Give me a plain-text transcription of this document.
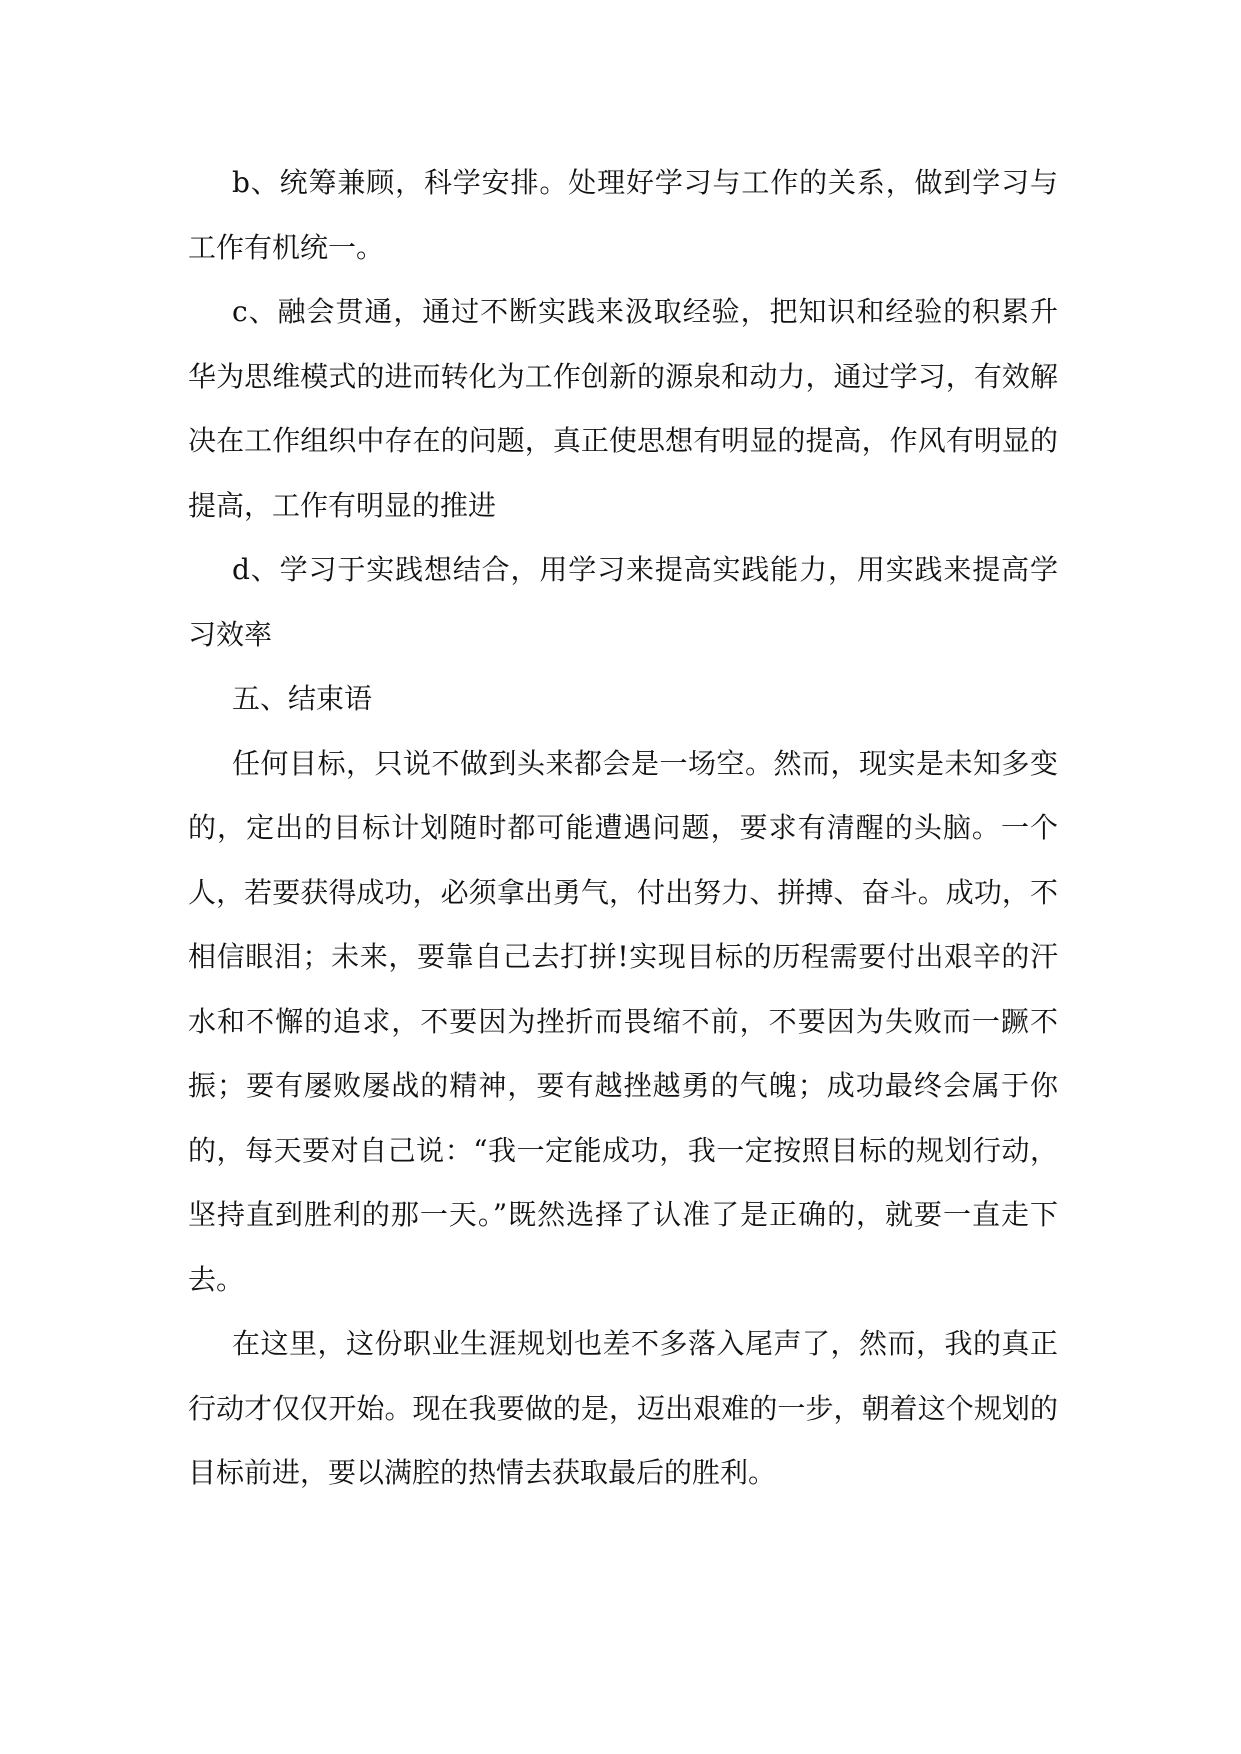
b、统筹兼顾，科学安排。处理好学习与工作的关系，做到学习与工作有机统一。

c、融会贯通，通过不断实践来汲取经验，把知识和经验的积累升华为思维模式的进而转化为工作创新的源泉和动力，通过学习，有效解决在工作组织中存在的问题，真正使思想有明显的提高，作风有明显的提高，工作有明显的推进

d、学习于实践想结合，用学习来提高实践能力，用实践来提高学习效率

五、结束语

任何目标，只说不做到头来都会是一场空。然而，现实是未知多变的，定出的目标计划随时都可能遭遇问题，要求有清醒的头脑。一个人，若要获得成功，必须拿出勇气，付出努力、拼搏、奋斗。成功，不相信眼泪；未来，要靠自己去打拼!实现目标的历程需要付出艰辛的汗水和不懈的追求，不要因为挫折而畏缩不前，不要因为失败而一蹶不振；要有屡败屡战的精神，要有越挫越勇的气魄；成功最终会属于你的，每天要对自己说：“我一定能成功，我一定按照目标的规划行动，坚持直到胜利的那一天。”既然选择了认准了是正确的，就要一直走下去。

在这里，这份职业生涯规划也差不多落入尾声了，然而，我的真正行动才仅仅开始。现在我要做的是，迈出艰难的一步，朝着这个规划的目标前进，要以满腔的热情去获取最后的胜利。
